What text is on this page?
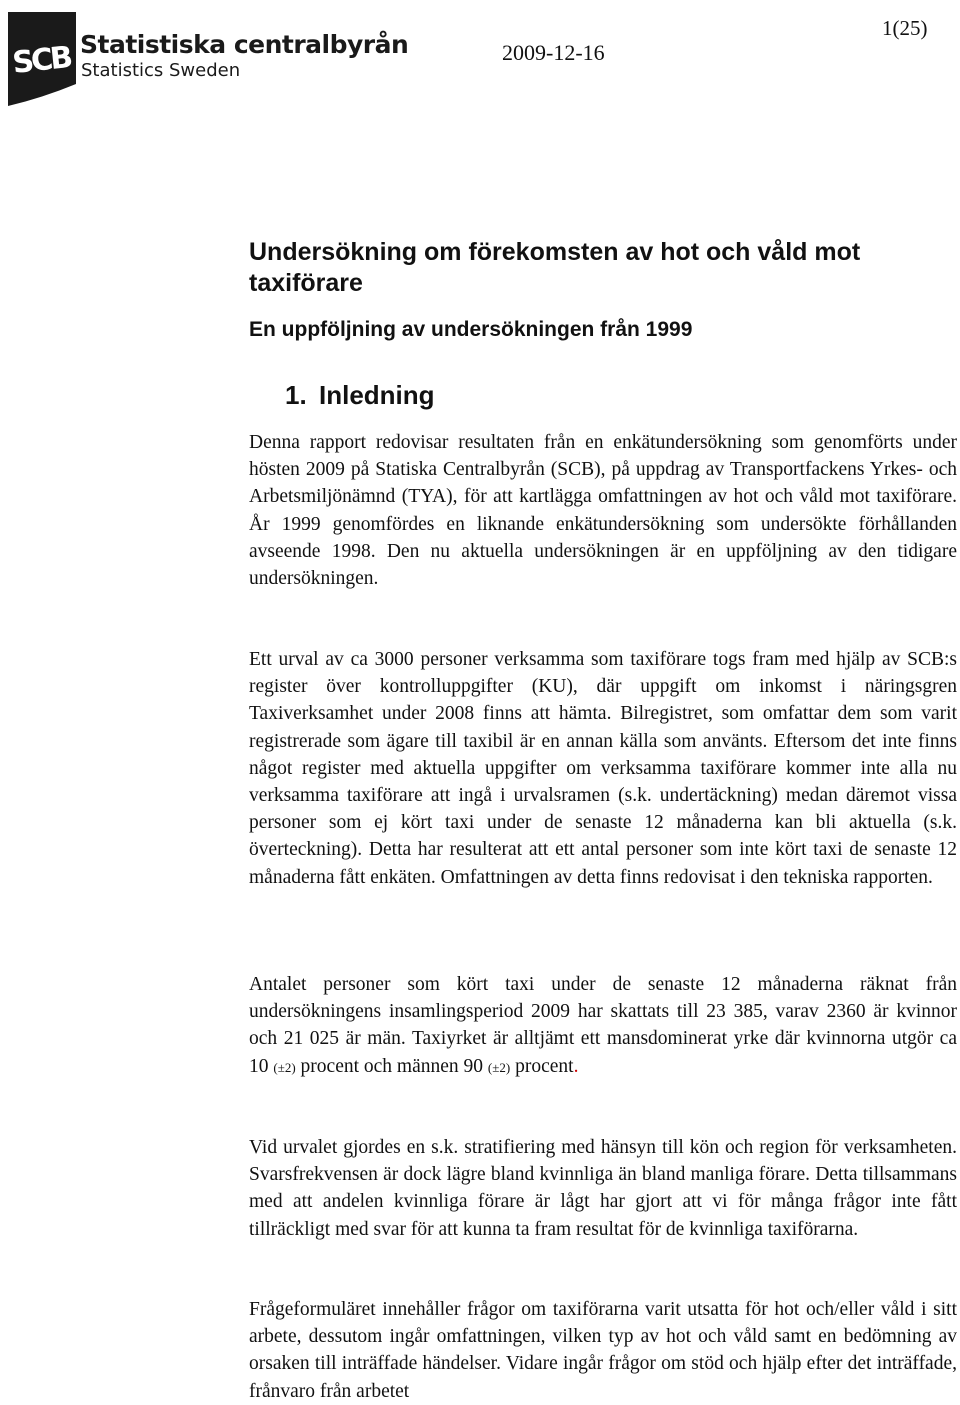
SCB Statistiska centralbyrån
Statistics Sweden
2009-12-16
1(25)
Undersökning om förekomsten av hot och våld mot taxiförare
En uppföljning av undersökningen från 1999
1. Inledning

Denna rapport redovisar resultaten från en enkätundersökning som genomförts under hösten 2009 på Statiska Centralbyrån (SCB), på uppdrag av Transportfackens Yrkes- och Arbetsmiljönämnd (TYA), för att kartlägga omfattningen av hot och våld mot taxiförare. År 1999 genomfördes en liknande enkätundersökning som undersökte förhållanden avseende 1998. Den nu aktuella undersökningen är en uppföljning av den tidigare undersökningen.

Ett urval av ca 3000 personer verksamma som taxiförare togs fram med hjälp av SCB:s register över kontrolluppgifter (KU), där uppgift om inkomst i näringsgren Taxiverksamhet under 2008 finns att hämta. Bilregistret, som omfattar dem som varit registrerade som ägare till taxibil är en annan källa som använts. Eftersom det inte finns något register med aktuella uppgifter om verksamma taxiförare kommer inte alla nu verksamma taxiförare att ingå i urvalsramen (s.k. undertäckning) medan däremot vissa personer som ej kört taxi under de senaste 12 månaderna kan bli aktuella (s.k. överteckning). Detta har resulterat att ett antal personer som inte kört taxi de senaste 12 månaderna fått enkäten. Omfattningen av detta finns redovisat i den tekniska rapporten.

Antalet personer som kört taxi under de senaste 12 månaderna räknat från undersökningens insamlingsperiod 2009 har skattats till 23 385, varav 2360 är kvinnor och 21 025 är män. Taxiyrket är alltjämt ett mansdominerat yrke där kvinnorna utgör ca 10 (±2) procent och männen 90 (±2) procent.

Vid urvalet gjordes en s.k. stratifiering med hänsyn till kön och region för verksamheten. Svarsfrekvensen är dock lägre bland kvinnliga än bland manliga förare. Detta tillsammans med att andelen kvinnliga förare är lågt har gjort att vi för många frågor inte fått tillräckligt med svar för att kunna ta fram resultat för de kvinnliga taxiförarna.

Frågeformuläret innehåller frågor om taxiförarna varit utsatta för hot och/eller våld i sitt arbete, dessutom ingår omfattningen, vilken typ av hot och våld samt en bedömning av orsaken till inträffade händelser. Vidare ingår frågor om stöd och hjälp efter det inträffade, frånvaro från arbetet
